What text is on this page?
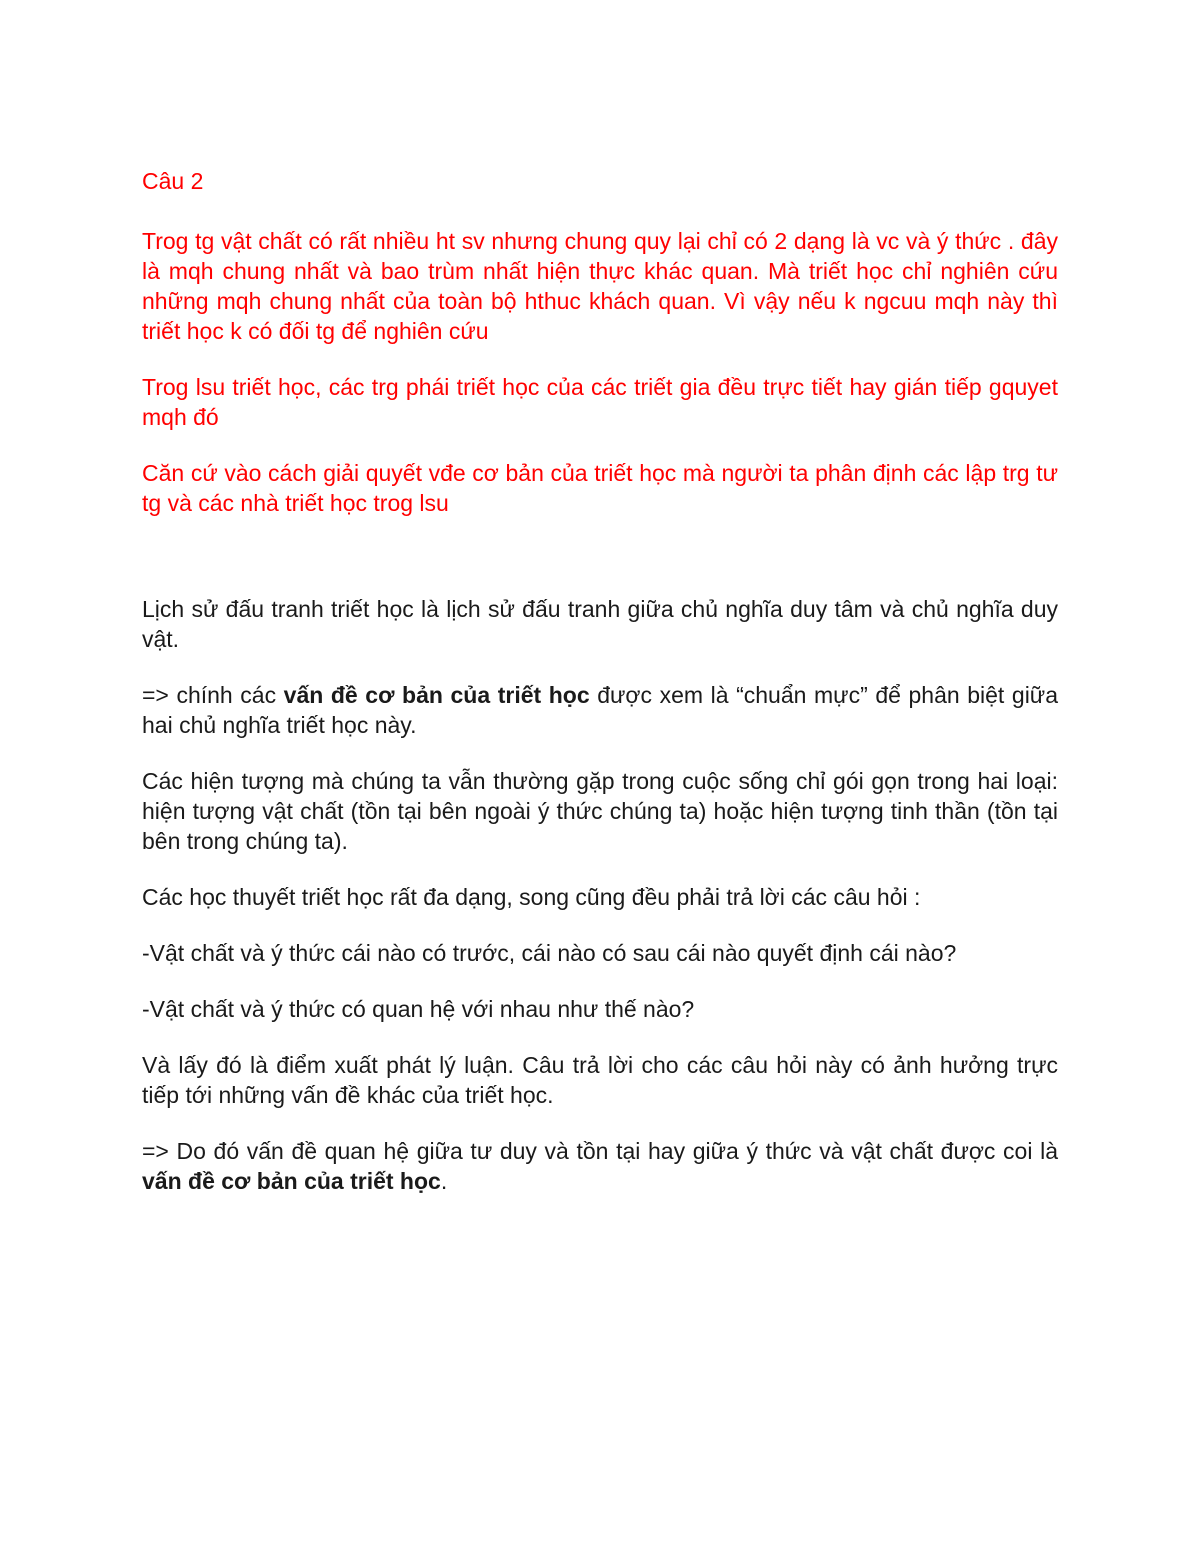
Câu 2

Trog tg vật chất có rất nhiều ht sv nhưng chung quy lại chỉ có 2 dạng là vc và ý thức . đây là mqh chung nhất và bao trùm nhất hiện thực khác quan. Mà triết học chỉ nghiên cứu những mqh chung nhất của toàn bộ hthuc khách quan. Vì vậy nếu k ngcuu mqh này thì triết học k có đối tg để nghiên cứu

Trog lsu triết học, các trg phái triết học của các triết gia đều trực tiết hay gián tiếp gquyet mqh đó

Căn cứ vào cách giải quyết vđe cơ bản của triết học mà người ta phân định các lập trg tư tg và các nhà triết học trog lsu

Lịch sử đấu tranh triết học là lịch sử đấu tranh giữa chủ nghĩa duy tâm và chủ nghĩa duy vật.

=> chính các vấn đề cơ bản của triết học được xem là “chuẩn mực” để phân biệt giữa hai chủ nghĩa triết học này.

Các hiện tượng mà chúng ta vẫn thường gặp trong cuộc sống chỉ gói gọn trong hai loại: hiện tượng vật chất (tồn tại bên ngoài ý thức chúng ta) hoặc hiện tượng tinh thần (tồn tại bên trong chúng ta).

Các học thuyết triết học rất đa dạng, song cũng đều phải trả lời các câu hỏi :

-Vật chất và ý thức cái nào có trước, cái nào có sau cái nào quyết định cái nào?

-Vật chất và ý thức có quan hệ với nhau như thế nào?

Và lấy đó là điểm xuất phát lý luận. Câu trả lời cho các câu hỏi này có ảnh hưởng trực tiếp tới những vấn đề khác của triết học.

=> Do đó vấn đề quan hệ giữa tư duy và tồn tại hay giữa ý thức và vật chất được coi là vấn đề cơ bản của triết học.
